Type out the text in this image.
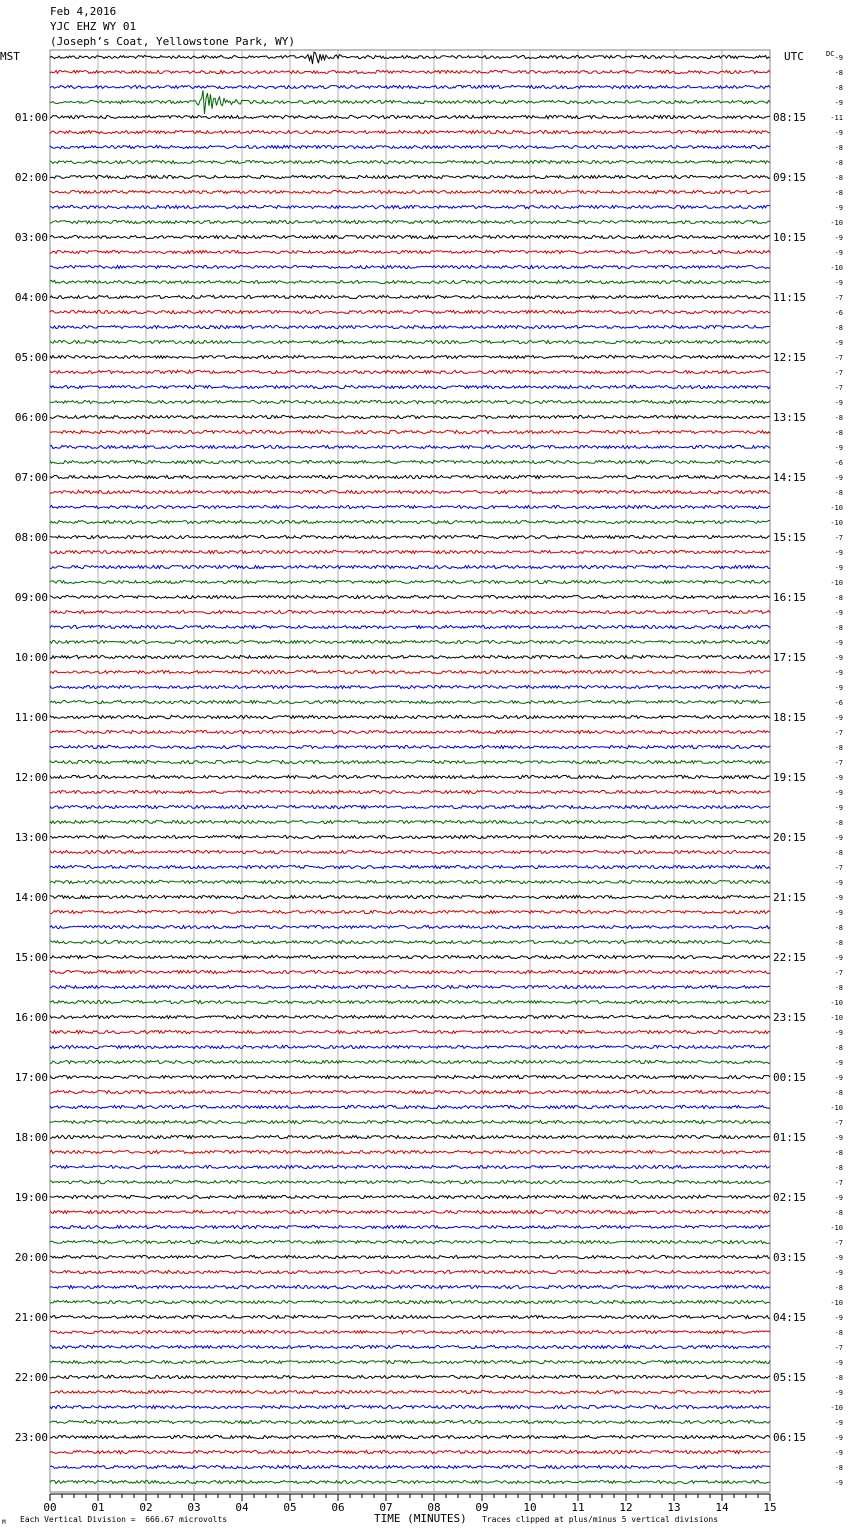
Feb 4,2016
YJC EHZ WY 01
(Joseph’s Coat, Yellowstone Park, WY)
MST	UTC	DC -9
-8
-8
-9
-11
-9
-8
-8
-8
-8
-9
-10
-9
-9
-10
-9
-7
-6
-8
-9
-7
-7
-7
-9
-8
-8
-9
-6
-9
-8
-10
-10
-7
-9
-9
-10
-8
-9
-8
-9
-9
-9
-9
-6
-9
-7
-8
-7
-9
-9
-9
-8
-9
-8
-7
-9
-9
-9
-8
-8
-9
-7
-8
-10
-10
-9
-8
-9
-9
-8
-10
-7
-9
-8
-8
-7
-9
-8
-10
-7
-9
-9
-8
-10
-9
-8
-7
-9
-8
-9
-10
-9
-9
-9
-8
-9
01:00
02:00
03:00
04:00
05:00
06:00
07:00
08:00
09:00
10:00
11:00
12:00
13:00
14:00
15:00
16:00
17:00
18:00
19:00
20:00
21:00
22:00
23:00
08:15
09:15
10:15
11:15
12:15
13:15
14:15
15:15
16:15
17:15
18:15
19:15
20:15
21:15
22:15
23:15
00:15
01:15
02:15
03:15
04:15
05:15
06:15
00	01	02	03	04	05	06	07	08	09	10	11	12	13	14	15
TIME (MINUTES)
Each Vertical Division =  666.67 microvolts	Traces clipped at plus/minus 5 vertical divisions
M
